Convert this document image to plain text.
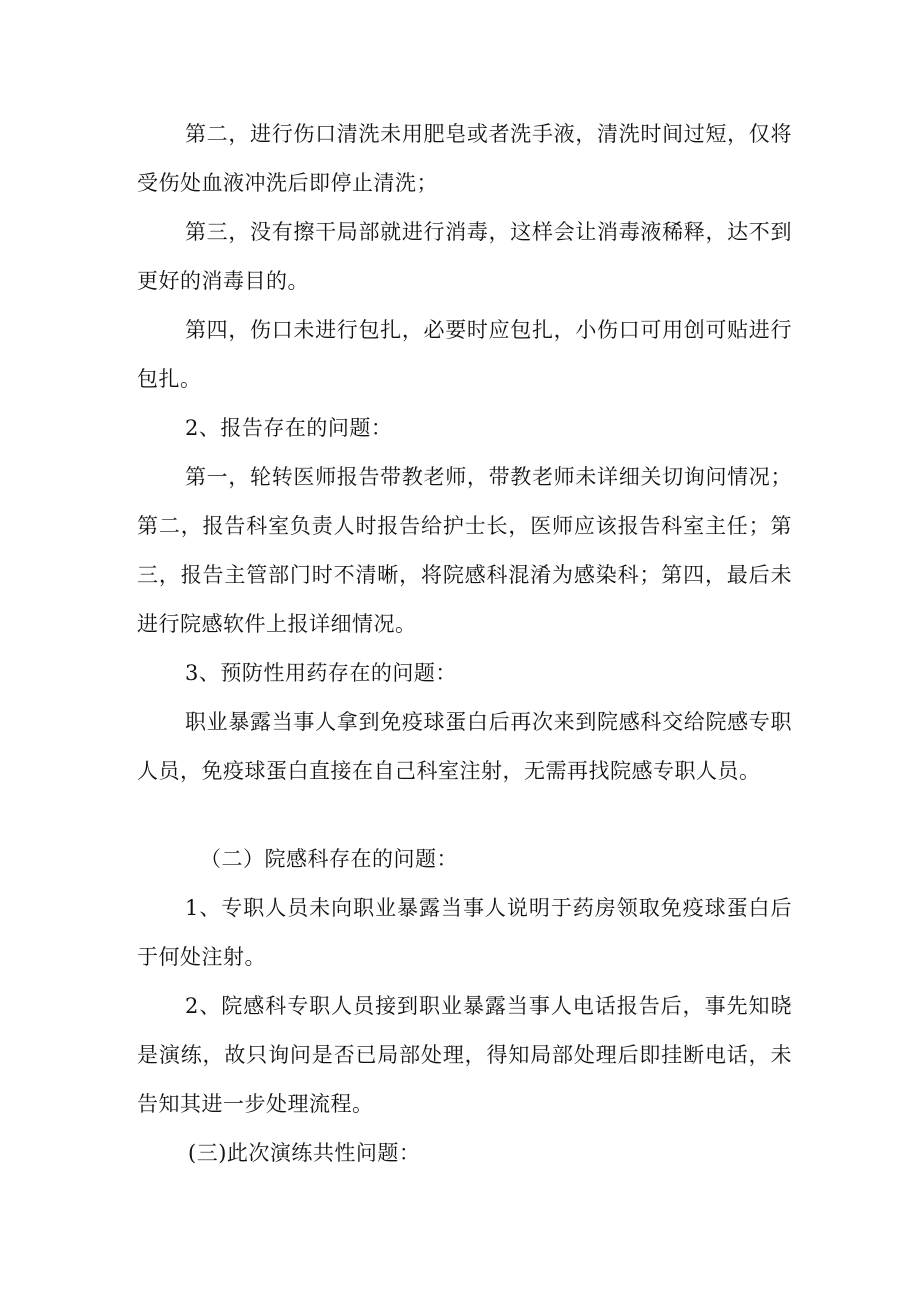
第二，进行伤口清洗未用肥皂或者洗手液，清洗时间过短，仅将受伤处血液冲洗后即停止清洗；

第三，没有擦干局部就进行消毒，这样会让消毒液稀释，达不到更好的消毒目的。

第四，伤口未进行包扎，必要时应包扎，小伤口可用创可贴进行包扎。

2、报告存在的问题：

第一，轮转医师报告带教老师，带教老师未详细关切询问情况；第二，报告科室负责人时报告给护士长，医师应该报告科室主任；第三，报告主管部门时不清晰，将院感科混淆为感染科；第四，最后未进行院感软件上报详细情况。

3、预防性用药存在的问题：

职业暴露当事人拿到免疫球蛋白后再次来到院感科交给院感专职人员，免疫球蛋白直接在自己科室注射，无需再找院感专职人员。

（二）院感科存在的问题：

1、专职人员未向职业暴露当事人说明于药房领取免疫球蛋白后于何处注射。

2、院感科专职人员接到职业暴露当事人电话报告后，事先知晓是演练，故只询问是否已局部处理，得知局部处理后即挂断电话，未告知其进一步处理流程。

(三)此次演练共性问题：
